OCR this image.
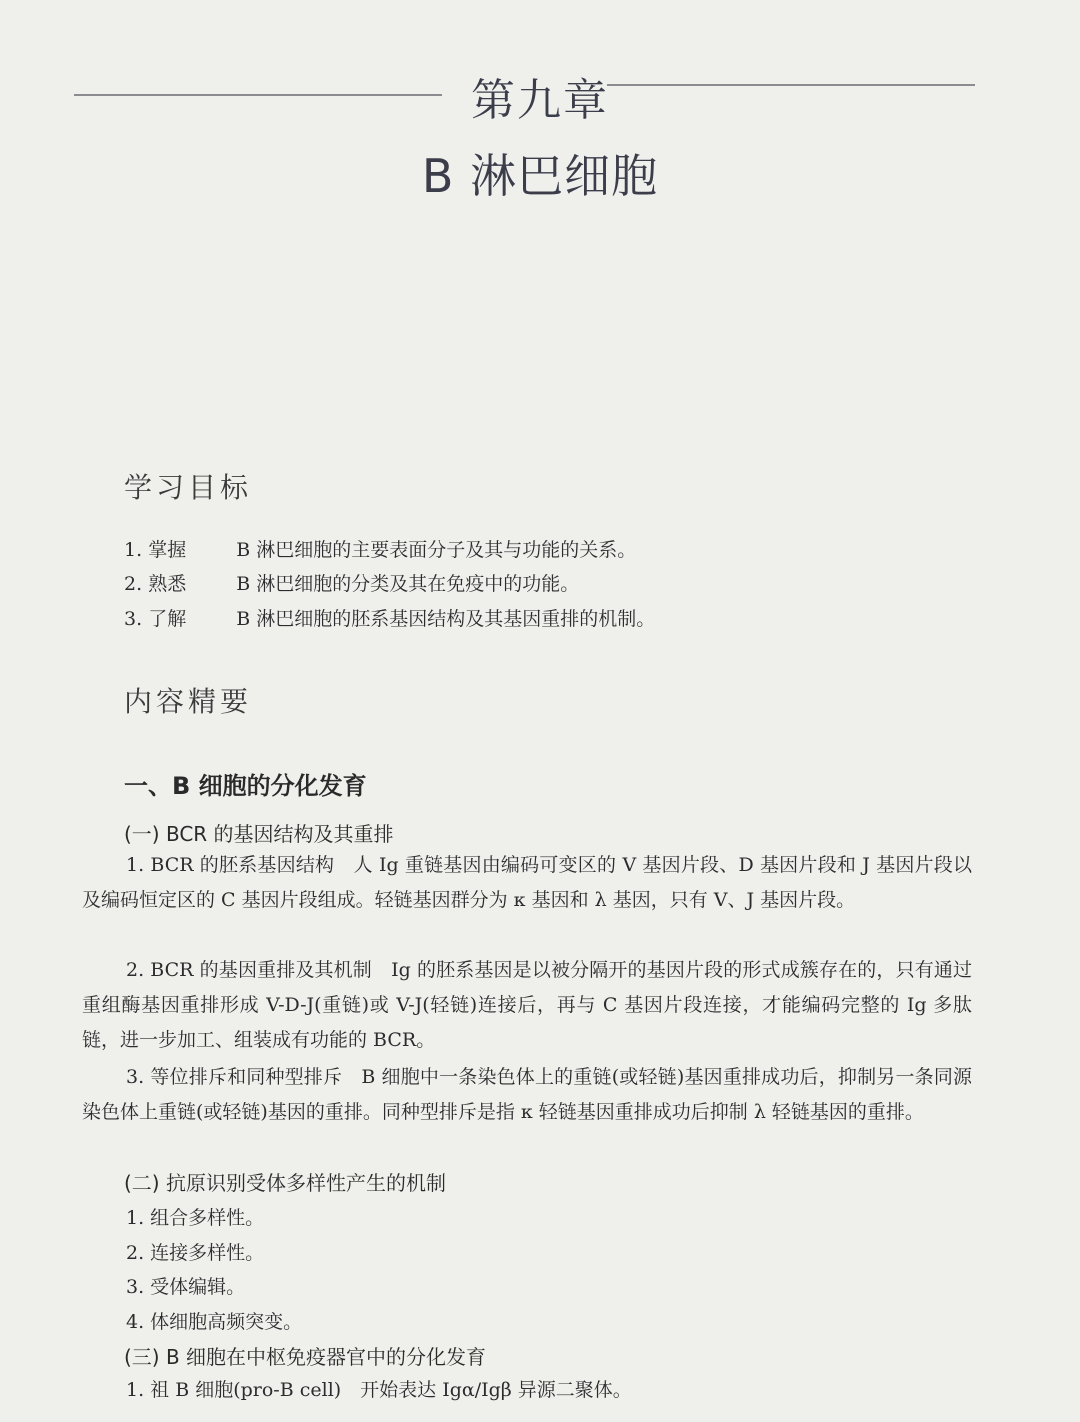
第九章
B 淋巴细胞
学习目标
1. 掌握	B 淋巴细胞的主要表面分子及其与功能的关系。
2. 熟悉	B 淋巴细胞的分类及其在免疫中的功能。
3. 了解	B 淋巴细胞的胚系基因结构及其基因重排的机制。
内容精要
一、B 细胞的分化发育
(一) BCR 的基因结构及其重排

1. BCR 的胚系基因结构　人 Ig 重链基因由编码可变区的 V 基因片段、D 基因片段和 J 基因片段以及编码恒定区的 C 基因片段组成。轻链基因群分为 κ 基因和 λ 基因，只有 V、J 基因片段。

2. BCR 的基因重排及其机制　Ig 的胚系基因是以被分隔开的基因片段的形式成簇存在的，只有通过重组酶基因重排形成 V-D-J(重链)或 V-J(轻链)连接后，再与 C 基因片段连接，才能编码完整的 Ig 多肽链，进一步加工、组装成有功能的 BCR。

3. 等位排斥和同种型排斥　B 细胞中一条染色体上的重链(或轻链)基因重排成功后，抑制另一条同源染色体上重链(或轻链)基因的重排。同种型排斥是指 κ 轻链基因重排成功后抑制 λ 轻链基因的重排。

(二) 抗原识别受体多样性产生的机制
1. 组合多样性。
2. 连接多样性。
3. 受体编辑。
4. 体细胞高频突变。
(三) B 细胞在中枢免疫器官中的分化发育
1. 祖 B 细胞(pro-B cell)　开始表达 Igα/Igβ 异源二聚体。
